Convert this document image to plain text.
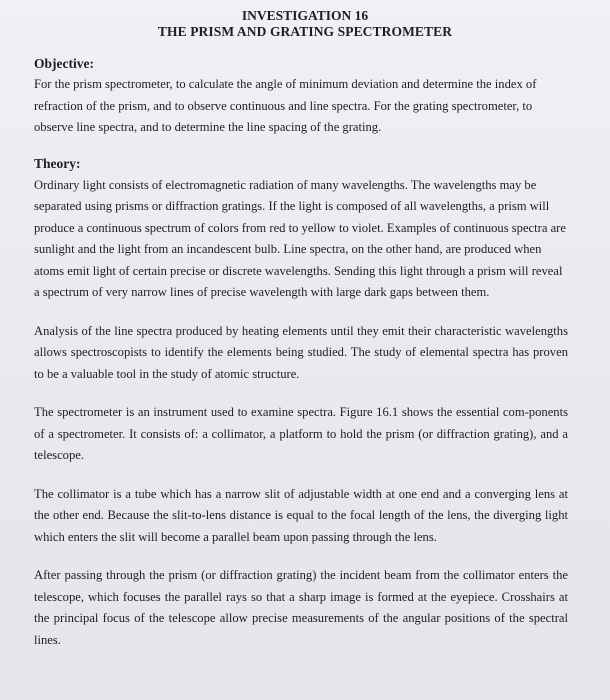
INVESTIGATION 16
THE PRISM AND GRATING SPECTROMETER
Objective:

For the prism spectrometer, to calculate the angle of minimum deviation and determine the index of refraction of the prism, and to observe continuous and line spectra. For the grating spectrometer, to observe line spectra, and to determine the line spacing of the grating.

Theory:

Ordinary light consists of electromagnetic radiation of many wavelengths. The wavelengths may be separated using prisms or diffraction gratings. If the light is composed of all wavelengths, a prism will produce a continuous spectrum of colors from red to yellow to violet. Examples of continuous spectra are sunlight and the light from an incandescent bulb. Line spectra, on the other hand, are produced when atoms emit light of certain precise or discrete wavelengths. Sending this light through a prism will reveal a spectrum of very narrow lines of precise wavelength with large dark gaps between them.

Analysis of the line spectra produced by heating elements until they emit their characteristic wavelengths allows spectroscopists to identify the elements being studied. The study of elemental spectra has proven to be a valuable tool in the study of atomic structure.

The spectrometer is an instrument used to examine spectra. Figure 16.1 shows the essential com-ponents of a spectrometer. It consists of: a collimator, a platform to hold the prism (or diffraction grating), and a telescope.

The collimator is a tube which has a narrow slit of adjustable width at one end and a converging lens at the other end. Because the slit-to-lens distance is equal to the focal length of the lens, the diverging light which enters the slit will become a parallel beam upon passing through the lens.

After passing through the prism (or diffraction grating) the incident beam from the collimator enters the telescope, which focuses the parallel rays so that a sharp image is formed at the eyepiece. Crosshairs at the principal focus of the telescope allow precise measurements of the angular positions of the spectral lines.
